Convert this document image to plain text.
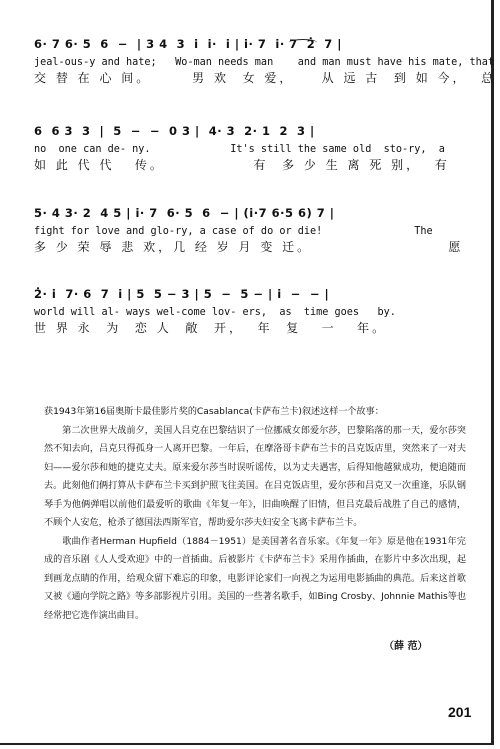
6· 7 6· 5  6  −  | 3 4  3  i  i·  i | i· 7  i· 7  2̇  7 |
jeal-ous-y and hate;   Wo-man needs man    and man must have his mate, that
交 替 在 心 间。      男 欢  女 爱，    从 远 古  到 如 今，  总
6  6 3  3  |  5  −  −  0 3 |  4· 3  2· 1  2  3 |
no  one can de- ny.             It's still the same old  sto-ry,  a
如 此 代 代   传。             有  多 少 生 离 死 别，  有
5· 4 3· 2  4 5 | i· 7  6· 5  6  − | (i·7 6·5 6) 7 |
fight for love and glo-ry, a case of do or die!               The
多 少 荣 辱 悲 欢，几 经 岁 月 变 迁。                    愿
2̇· i  7· 6  7  i | 5  5 − 3 | 5  −  5 − | i  −  − |
world will al- ways wel-come lov- ers,  as  time goes   by.
世 界 永  为  恋 人  敞  开，  年  复   一   年。

获1943年第16届奥斯卡最佳影片奖的Casablanca(卡萨布兰卡)叙述这样一个故事：

第二次世界大战前夕，美国人吕克在巴黎结识了一位挪威女郎爱尔莎，巴黎陷落的那一天，爱尔莎突然不知去向，吕克只得孤身一人离开巴黎。一年后，在摩洛哥卡萨布兰卡的吕克饭店里，突然来了一对夫妇——爱尔莎和她的捷克丈夫。原来爱尔莎当时误听谣传，以为丈夫遇害，后得知他越狱成功，便追随而去。此刻他们俩打算从卡萨布兰卡买到护照飞往美国。在吕克饭店里，爱尔莎和吕克又一次重逢，乐队钢琴手为他俩弹唱以前他们最爱听的歌曲《年复一年》，旧曲唤醒了旧情，但吕克最后战胜了自己的感情，不顾个人安危，枪杀了德国法西斯军官，帮助爱尔莎夫妇安全飞离卡萨布兰卡。

歌曲作者Herman Hupfield（1884－1951）是美国著名音乐家。《年复一年》原是他在1931年完成的音乐剧《人人受欢迎》中的一首插曲。后被影片《卡萨布兰卡》采用作插曲，在影片中多次出现，起到画龙点睛的作用，给观众留下难忘的印象，电影评论家们一向视之为运用电影插曲的典范。后来这首歌又被《通向学院之路》等多部影视片引用。美国的一些著名歌手，如Bing Crosby、Johnnie Mathis等也经常把它选作演出曲目。

（薛 范）
201
